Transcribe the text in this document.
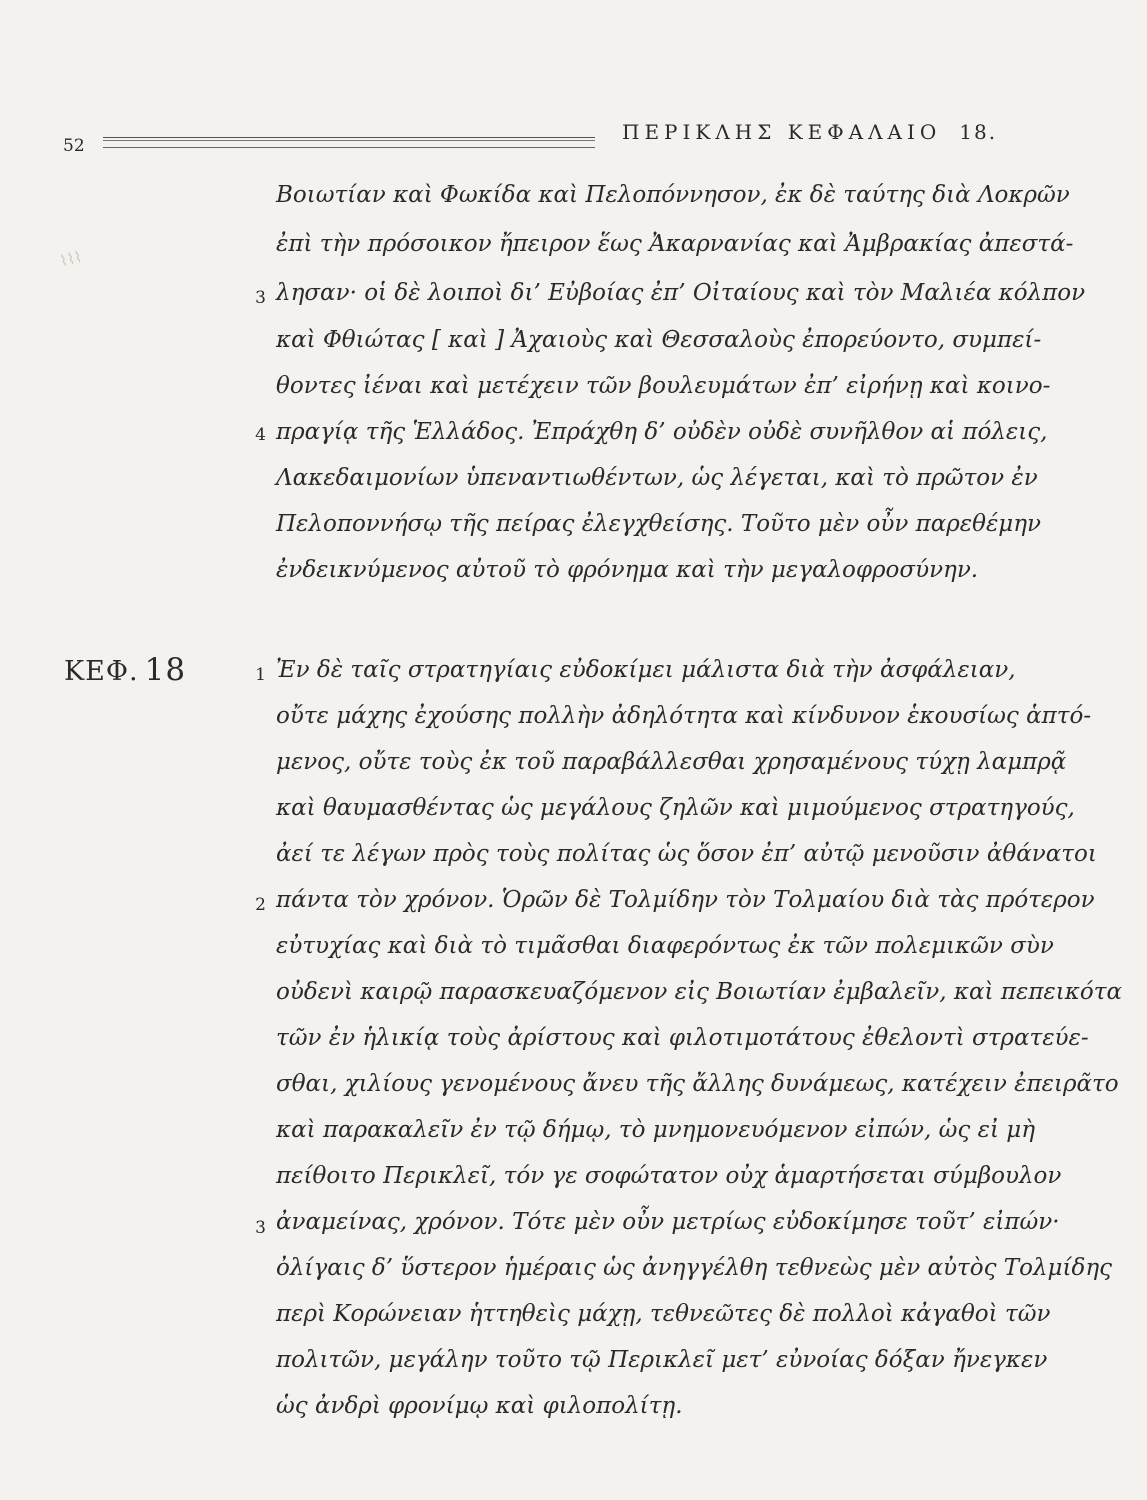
⌇⌇⌇
52
ΠΕΡΙΚΛΗΣ ΚΕΦΑΛΑΙΟ 18.
Βοιωτίαν καὶ Φωκίδα καὶ Πελοπόννησον, ἐκ δὲ ταύτης διὰ Λοκρῶν
ἐπὶ τὴν πρόσοικον ἤπειρον ἕως Ἀκαρνανίας καὶ Ἀμβρακίας ἀπεστά-
3 λησαν· οἱ δὲ λοιποὶ δι’ Εὐβοίας ἐπ’ Οἰταίους καὶ τὸν Μαλιέα κόλπον
καὶ Φθιώτας [ καὶ ] Ἀχαιοὺς καὶ Θεσσαλοὺς ἐπορεύοντο, συμπεί-
θοντες ἰέναι καὶ μετέχειν τῶν βουλευμάτων ἐπ’ εἰρήνῃ καὶ κοινο-
4 πραγίᾳ τῆς Ἑλλάδος. Ἐπράχθη δ’ οὐδὲν οὐδὲ συνῆλθον αἱ πόλεις,
Λακεδαιμονίων ὑπεναντιωθέντων, ὡς λέγεται, καὶ τὸ πρῶτον ἐν
Πελοποννήσῳ τῆς πείρας ἐλεγχθείσης. Τοῦτο μὲν οὖν παρεθέμην
ἐνδεικνύμενος αὐτοῦ τὸ φρόνημα καὶ τὴν μεγαλοφροσύνην.
ΚΕΦ. 18	1 Ἐν δὲ ταῖς στρατηγίαις εὐδοκίμει μάλιστα διὰ τὴν ἀσφάλειαν,
οὔτε μάχης ἐχούσης πολλὴν ἀδηλότητα καὶ κίνδυνον ἑκουσίως ἁπτό-
μενος, οὔτε τοὺς ἐκ τοῦ παραβάλλεσθαι χρησαμένους τύχῃ λαμπρᾷ
καὶ θαυμασθέντας ὡς μεγάλους ζηλῶν καὶ μιμούμενος στρατηγούς,
ἀεί τε λέγων πρὸς τοὺς πολίτας ὡς ὅσον ἐπ’ αὐτῷ μενοῦσιν ἀθάνατοι
2 πάντα τὸν χρόνον. Ὁρῶν δὲ Τολμίδην τὸν Τολμαίου διὰ τὰς πρότερον
εὐτυχίας καὶ διὰ τὸ τιμᾶσθαι διαφερόντως ἐκ τῶν πολεμικῶν σὺν
οὐδενὶ καιρῷ παρασκευαζόμενον εἰς Βοιωτίαν ἐμβαλεῖν, καὶ πεπεικότα
τῶν ἐν ἡλικίᾳ τοὺς ἀρίστους καὶ φιλοτιμοτάτους ἐθελοντὶ στρατεύε-
σθαι, χιλίους γενομένους ἄνευ τῆς ἄλλης δυνάμεως, κατέχειν ἐπειρᾶτο
καὶ παρακαλεῖν ἐν τῷ δήμῳ, τὸ μνημονευόμενον εἰπών, ὡς εἰ μὴ
πείθοιτο Περικλεῖ, τόν γε σοφώτατον οὐχ ἁμαρτήσεται σύμβουλον
3 ἀναμείνας, χρόνον. Τότε μὲν οὖν μετρίως εὐδοκίμησε τοῦτ’ εἰπών·
ὀλίγαις δ’ ὕστερον ἡμέραις ὡς ἀνηγγέλθη τεθνεὼς μὲν αὐτὸς Τολμίδης
περὶ Κορώνειαν ἡττηθεὶς μάχῃ, τεθνεῶτες δὲ πολλοὶ κἀγαθοὶ τῶν
πολιτῶν, μεγάλην τοῦτο τῷ Περικλεῖ μετ’ εὐνοίας δόξαν ἤνεγκεν
ὡς ἀνδρὶ φρονίμῳ καὶ φιλοπολίτῃ.
